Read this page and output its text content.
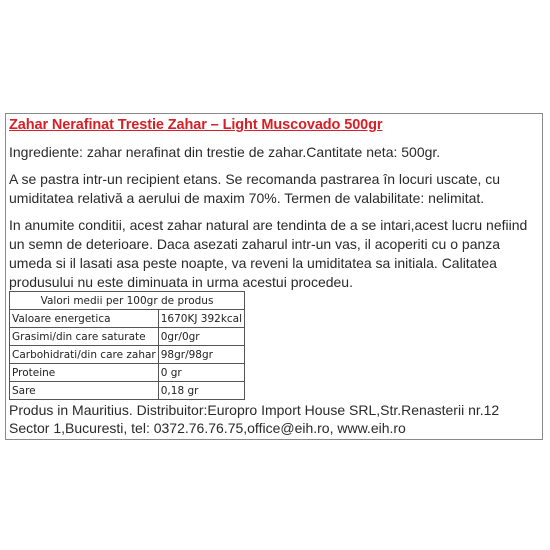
Zahar Nerafinat Trestie Zahar – Light Muscovado 500gr

Ingrediente: zahar nerafinat din trestie de zahar.Cantitate neta: 500gr.

A se pastra intr-un recipient etans. Se recomanda pastrarea în locuri uscate, cu umiditatea relativă a aerului de maxim 70%. Termen de valabilitate: nelimitat.

In anumite conditii, acest zahar natural are tendinta de a se intari,acest lucru nefiind un semn de deterioare. Daca asezati zaharul intr-un vas, il acoperiti cu o panza umeda si il lasati asa peste noapte, va reveni la umiditatea sa initiala. Calitatea produsului nu este diminuata in urma acestui procedeu.

Valori medii per 100gr de produs	
Valoare energetica	1670KJ 392kcal
Grasimi/din care saturate	0gr/0gr
Carbohidrati/din care zahar	98gr/98gr
Proteine	0 gr
Sare	0,18 gr

Produs in Mauritius. Distribuitor:Europro Import House SRL,Str.Renasterii nr.12 Sector 1,Bucuresti, tel: 0372.76.76.75,office@eih.ro, www.eih.ro
